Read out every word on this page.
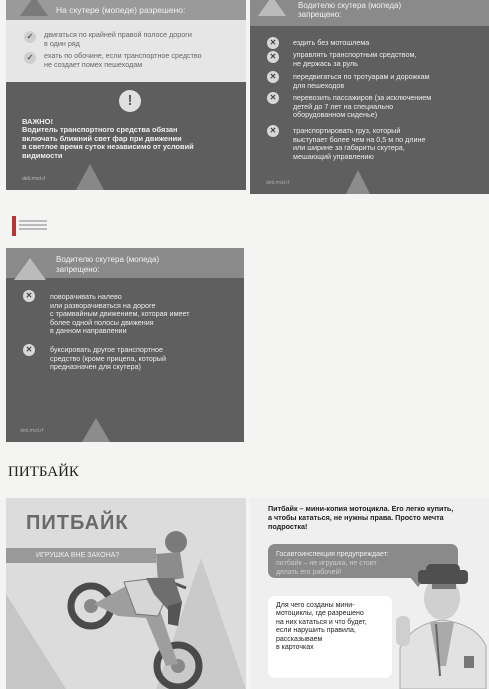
На скутере (мопеде) разрешено:
✓	двигаться по крайней правой полосе дороги
в один ряд
✓	ехать по обочине, если транспортное средство
не создает помех пешеходам
!
ВАЖНО!
Водитель транспортного средства обязан
включать ближний свет фар при движении
в светлое время суток независимо от условий
видимости
deti.mvd.rf
Водителю скутера (мопеда)
запрещено:
✕	ездить без мотошлема
✕	управлять транспортным средством,
не держась за руль
✕	передвигаться по тротуарам и дорожкам
для пешеходов
✕	перевозить пассажиров (за исключением
детей до 7 лет на специально
оборудованном сиденье)
✕	транспортировать груз, который
выступает более чем на 0,5 м по длине
или ширине за габариты скутера,
мешающий управлению
deti.mvd.rf
Водителю скутера (мопеда)
запрещено:
✕	поворачивать налево
или разворачиваться на дороге
с трамвайным движением, которая имеет
более одной полосы движения
в данном направлении
✕	буксировать другое транспортное
средство (кроме прицепа, который
предназначен для скутера)
deti.mvd.rf
ПИТБАЙК
ПИТБАЙК
ИГРУШКА ВНЕ ЗАКОНА?
Питбайк – мини-копия мотоцикла. Его легко купить,
а чтобы кататься, не нужны права. Просто мечта
подростка!
Госавтоинспекция предупреждает:
питбайк – не игрушка, не стоит
делать его рабочей!
Для чего созданы мини-
мотоциклы, где разрешено
на них кататься и что будет,
если нарушить правила,
рассказываем
в карточках
